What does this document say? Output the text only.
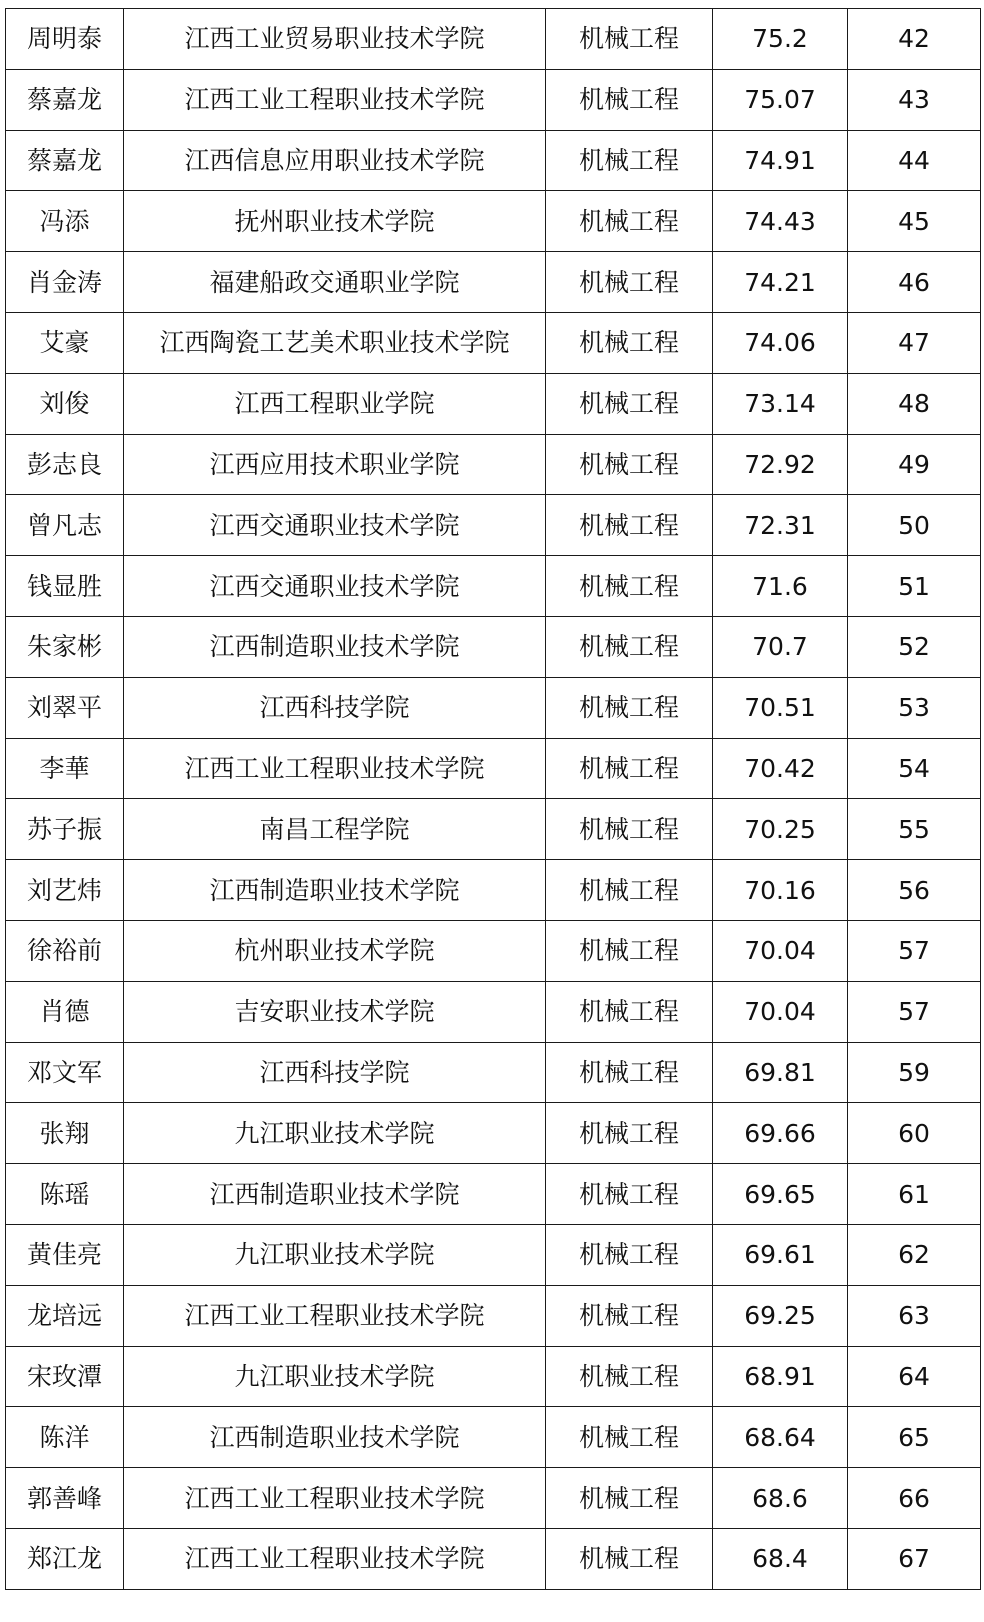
周明泰	江西工业贸易职业技术学院	机械工程	75.2	42
蔡嘉龙	江西工业工程职业技术学院	机械工程	75.07	43
蔡嘉龙	江西信息应用职业技术学院	机械工程	74.91	44
冯添	抚州职业技术学院	机械工程	74.43	45
肖金涛	福建船政交通职业学院	机械工程	74.21	46
艾豪	江西陶瓷工艺美术职业技术学院	机械工程	74.06	47
刘俊	江西工程职业学院	机械工程	73.14	48
彭志良	江西应用技术职业学院	机械工程	72.92	49
曾凡志	江西交通职业技术学院	机械工程	72.31	50
钱显胜	江西交通职业技术学院	机械工程	71.6	51
朱家彬	江西制造职业技术学院	机械工程	70.7	52
刘翠平	江西科技学院	机械工程	70.51	53
李華	江西工业工程职业技术学院	机械工程	70.42	54
苏子振	南昌工程学院	机械工程	70.25	55
刘艺炜	江西制造职业技术学院	机械工程	70.16	56
徐裕前	杭州职业技术学院	机械工程	70.04	57
肖德	吉安职业技术学院	机械工程	70.04	57
邓文军	江西科技学院	机械工程	69.81	59
张翔	九江职业技术学院	机械工程	69.66	60
陈瑶	江西制造职业技术学院	机械工程	69.65	61
黄佳亮	九江职业技术学院	机械工程	69.61	62
龙培远	江西工业工程职业技术学院	机械工程	69.25	63
宋玫潭	九江职业技术学院	机械工程	68.91	64
陈洋	江西制造职业技术学院	机械工程	68.64	65
郭善峰	江西工业工程职业技术学院	机械工程	68.6	66
郑江龙	江西工业工程职业技术学院	机械工程	68.4	67
